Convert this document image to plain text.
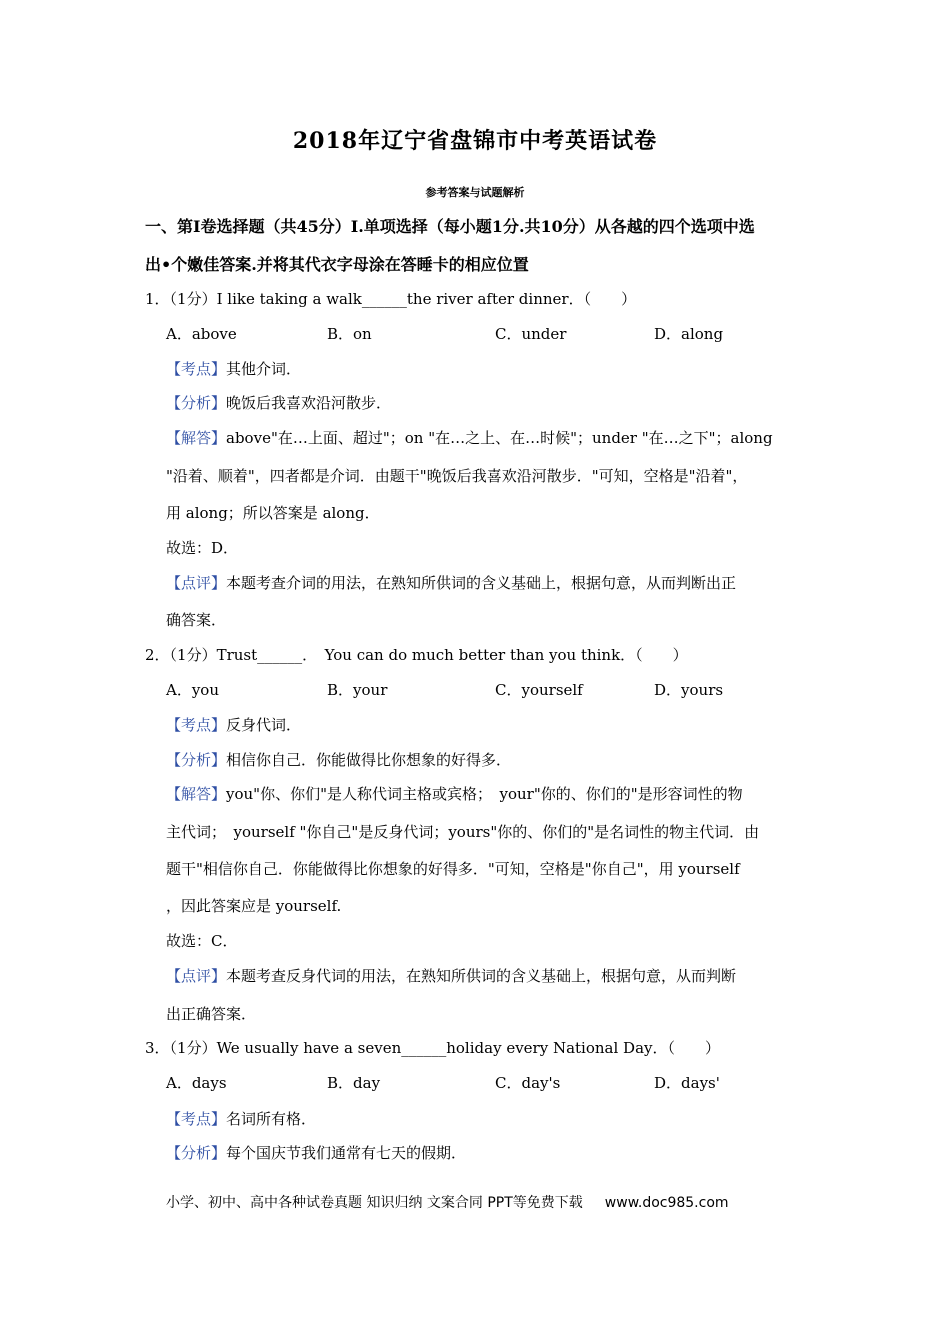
2018年辽宁省盘锦市中考英语试卷
参考答案与试题解析
一、第Ⅰ卷选择题（共45分）Ⅰ.单项选择（每小题1分.共10分）从各越的四个选项中选
出•个嫩佳答案.并将其代衣字母涂在答睡卡的相应位置
1．（1分）I like taking a walk______the river after dinner．（　　）
A．above	B．on	C．under	D．along
【考点】其他介词．
【分析】晚饭后我喜欢沿河散步．
【解答】above"在…上面、超过"；on "在…之上、在…时候"；under "在…之下"；along
"沿着、顺着"，四者都是介词．由题干"晚饭后我喜欢沿河散步．"可知，空格是"沿着"，
用 along；所以答案是 along．
故选：D．
【点评】本题考查介词的用法，在熟知所供词的含义基础上，根据句意，从而判断出正
确答案．
2．（1分）Trust______．　You can do much better than you think．（　　）
A．you	B．your	C．yourself	D．yours
【考点】反身代词．
【分析】相信你自己．你能做得比你想象的好得多．
【解答】you"你、你们"是人称代词主格或宾格；　your"你的、你们的"是形容词性的物
主代词；　yourself "你自己"是反身代词；yours"你的、你们的"是名词性的物主代词．由
题干"相信你自己．你能做得比你想象的好得多．"可知，空格是"你自己"，用 yourself
，因此答案应是 yourself.
故选：C．
【点评】本题考查反身代词的用法，在熟知所供词的含义基础上，根据句意，从而判断
出正确答案．
3．（1分）We usually have a seven______holiday every National Day．（　　）
A．days	B．day	C．day's	D．days'
【考点】名词所有格．
【分析】每个国庆节我们通常有七天的假期．
小学、初中、高中各种试卷真题 知识归纳 文案合同 PPT等免费下载 www.doc985.com
